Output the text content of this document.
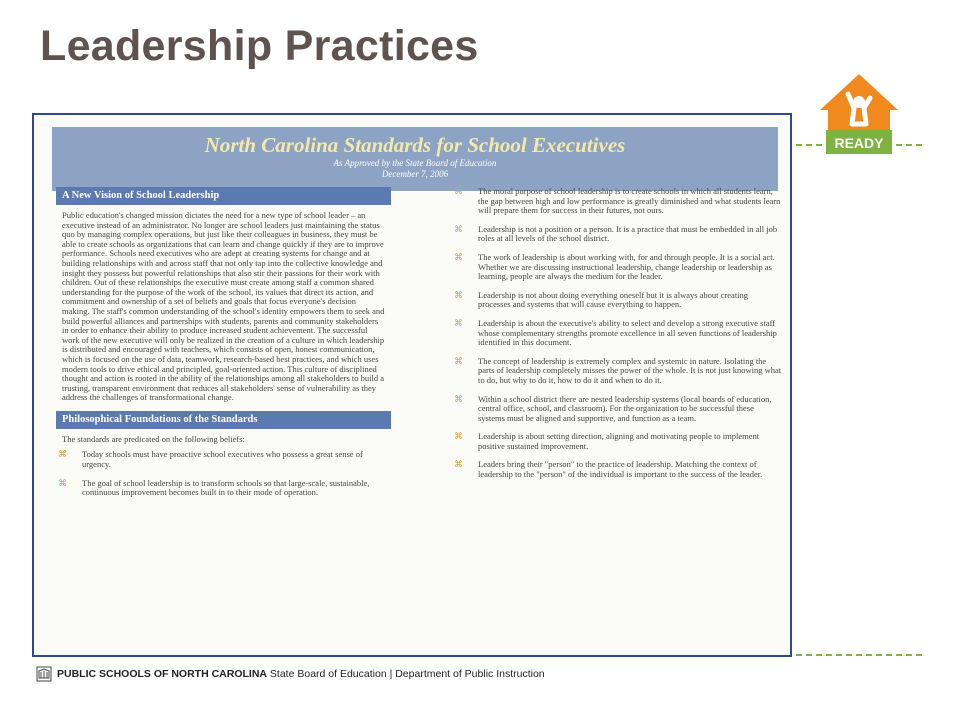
Leadership Practices
READY
North Carolina Standards for School Executives
As Approved by the State Board of Education
December 7, 2006
A New Vision of School Leadership

Public education's changed mission dictates the need for a new type of school leader – an executive instead of an administrator. No longer are school leaders just maintaining the status quo by managing complex operations, but just like their colleagues in business, they must be able to create schools as organizations that can learn and change quickly if they are to improve performance. Schools need executives who are adept at creating systems for change and at building relationships with and across staff that not only tap into the collective knowledge and insight they possess but powerful relationships that also stir their passions for their work with children. Out of these relationships the executive must create among staff a common shared understanding for the purpose of the work of the school, its values that direct its action, and commitment and ownership of a set of beliefs and goals that focus everyone's decision making. The staff's common understanding of the school's identity empowers them to seek and build powerful alliances and partnerships with students, parents and community stakeholders in order to enhance their ability to produce increased student achievement. The successful work of the new executive will only be realized in the creation of a culture in which leadership is distributed and encouraged with teachers, which consists of open, honest communication, which is focused on the use of data, teamwork, research-based best practices, and which uses modern tools to drive ethical and principled, goal-oriented action. This culture of disciplined thought and action is rooted in the ability of the relationships among all stakeholders to build a trusting, transparent environment that reduces all stakeholders' sense of vulnerability as they address the challenges of transformational change.

Philosophical Foundations of the Standards

The standards are predicated on the following beliefs:

⌘ Today schools must have proactive school executives who possess a great sense of urgency.
⌘ The goal of school leadership is to transform schools so that large-scale, sustainable, continuous improvement becomes built in to their mode of operation.
⌘ The moral purpose of school leadership is to create schools in which all students learn, the gap between high and low performance is greatly diminished and what students learn will prepare them for success in their futures, not ours.
⌘ Leadership is not a position or a person. It is a practice that must be embedded in all job roles at all levels of the school district.
⌘ The work of leadership is about working with, for and through people. It is a social act. Whether we are discussing instructional leadership, change leadership or leadership as learning, people are always the medium for the leader.
⌘ Leadership is not about doing everything oneself but it is always about creating processes and systems that will cause everything to happen.
⌘ Leadership is about the executive's ability to select and develop a strong executive staff whose complementary strengths promote excellence in all seven functions of leadership identified in this document.
⌘ The concept of leadership is extremely complex and systemic in nature. Isolating the parts of leadership completely misses the power of the whole. It is not just knowing what to do, but why to do it, how to do it and when to do it.
⌘ Within a school district there are nested leadership systems (local boards of education, central office, school, and classroom). For the organization to be successful these systems must be aligned and supportive, and function as a team.
⌘ Leadership is about setting direction, aligning and motivating people to implement positive sustained improvement.
⌘ Leaders bring their "person" to the practice of leadership. Matching the context of leadership to the "person" of the individual is important to the success of the leader.
PUBLIC SCHOOLS OF NORTH CAROLINA State Board of Education | Department of Public Instruction
